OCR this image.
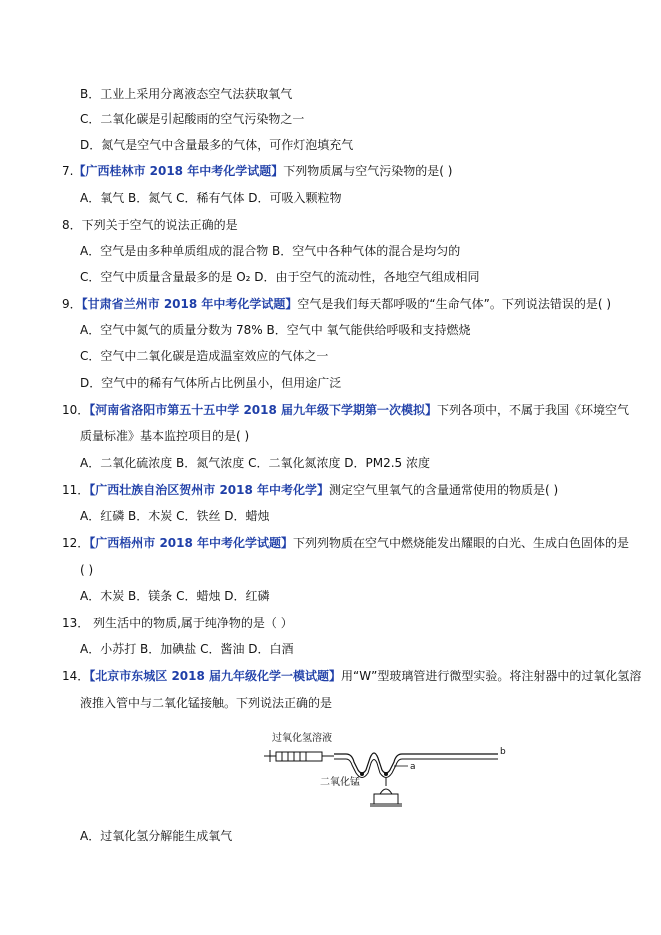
B．工业上采用分离液态空气法获取氧气
C．二氧化碳是引起酸雨的空气污染物之一
D．氮气是空气中含量最多的气体，可作灯泡填充气
7.【广西桂林市 2018 年中考化学试题】下列物质属与空气污染物的是( )
A．氧气 B．氮气 C．稀有气体 D．可吸入颗粒物
8．下列关于空气的说法正确的是
A．空气是由多种单质组成的混合物 B．空气中各种气体的混合是均匀的
C．空气中质量含量最多的是 O₂ D．由于空气的流动性，各地空气组成相同
9．【甘肃省兰州市 2018 年中考化学试题】空气是我们每天都呼吸的“生命气体”。下列说法错误的是( )
A．空气中氮气的质量分数为 78% B．空气中 氧气能供给呼吸和支持燃烧
C．空气中二氧化碳是造成温室效应的气体之一
D．空气中的稀有气体所占比例虽小，但用途广泛
10．【河南省洛阳市第五十五中学 2018 届九年级下学期第一次模拟】下列各项中，不属于我国《环境空气
质量标准》基本监控项目的是( )
A．二氧化硫浓度 B．氮气浓度 C．二氧化氮浓度 D．PM2.5 浓度
11．【广西壮族自治区贺州市 2018 年中考化学】测定空气里氧气的含量通常使用的物质是( )
A．红磷 B．木炭 C．铁丝 D．蜡烛
12．【广西梧州市 2018 年中考化学试题】下列列物质在空气中燃烧能发出耀眼的白光、生成白色固体的是
( )
A．木炭 B．镁条 C．蜡烛 D．红磷
13． 列生活中的物质,属于纯净物的是（ ）
A．小苏打 B．加碘盐 C．酱油 D．白酒
14．【北京市东城区 2018 届九年级化学一模试题】用“W”型玻璃管进行微型实验。将注射器中的过氧化氢溶
液推入管中与二氧化锰接触。下列说法正确的是
过氧化氢溶液
a
b
二氧化锰
A．过氧化氢分解能生成氧气
